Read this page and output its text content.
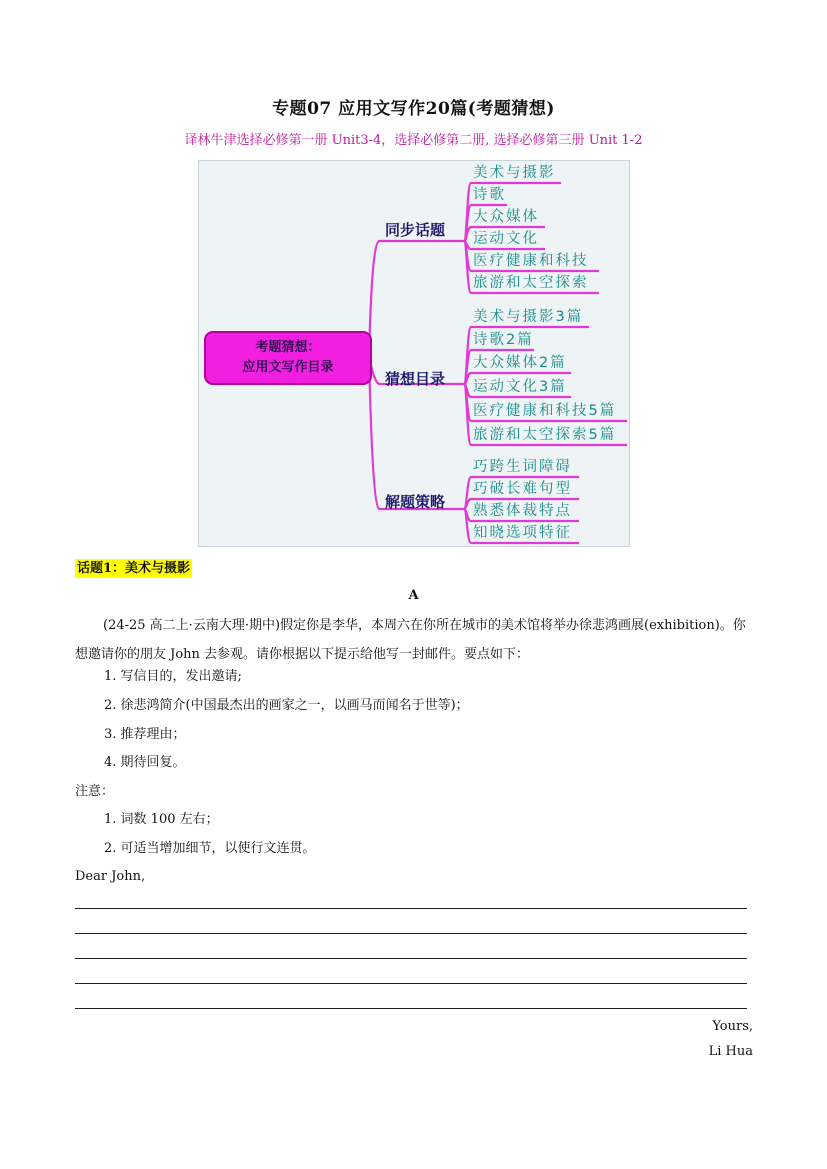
专题07 应用文写作20篇(考题猜想)
译林牛津选择必修第一册 Unit3-4，选择必修第二册, 选择必修第三册 Unit 1-2
考题猜想：
应用文写作目录
同步话题
猜想目录
解题策略
美术与摄影
诗歌
大众媒体
运动文化
医疗健康和科技
旅游和太空探索
美术与摄影3篇
诗歌2篇
大众媒体2篇
运动文化3篇
医疗健康和科技5篇
旅游和太空探索5篇
巧跨生词障碍
巧破长难句型
熟悉体裁特点
知晓选项特征
话题1：美术与摄影
A
(24-25 高二上·云南大理·期中)假定你是李华，本周六在你所在城市的美术馆将举办徐悲鸿画展(exhibition)。你想邀请你的朋友 John 去参观。请你根据以下提示给他写一封邮件。要点如下：
1. 写信目的，发出邀请;
2. 徐悲鸿简介(中国最杰出的画家之一，以画马而闻名于世等)；
3. 推荐理由；
4. 期待回复。
注意：
1. 词数 100 左右；
2. 可适当增加细节，以使行文连贯。
Dear John,
Yours,
Li Hua
